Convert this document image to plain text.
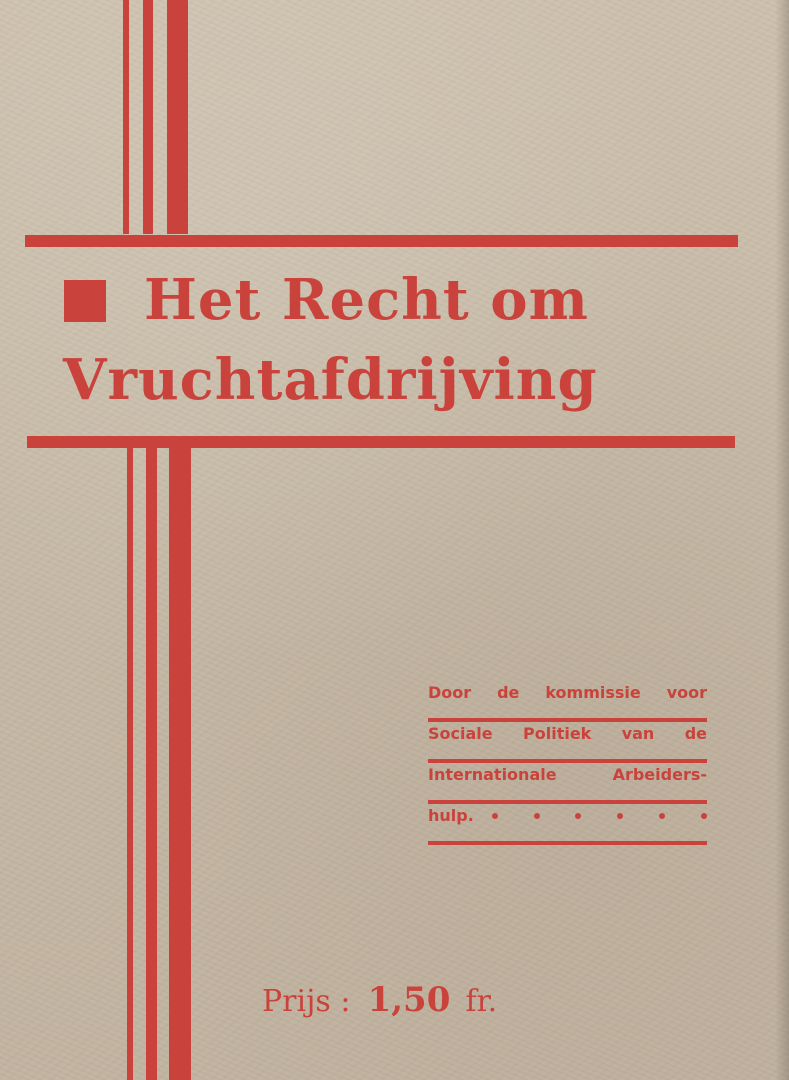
Het Recht om
Vruchtafdrijving
Door de kommissie voor
Sociale Politiek van de
Internationale Arbeiders-
hulp.
Prijs : 1,50 fr.
